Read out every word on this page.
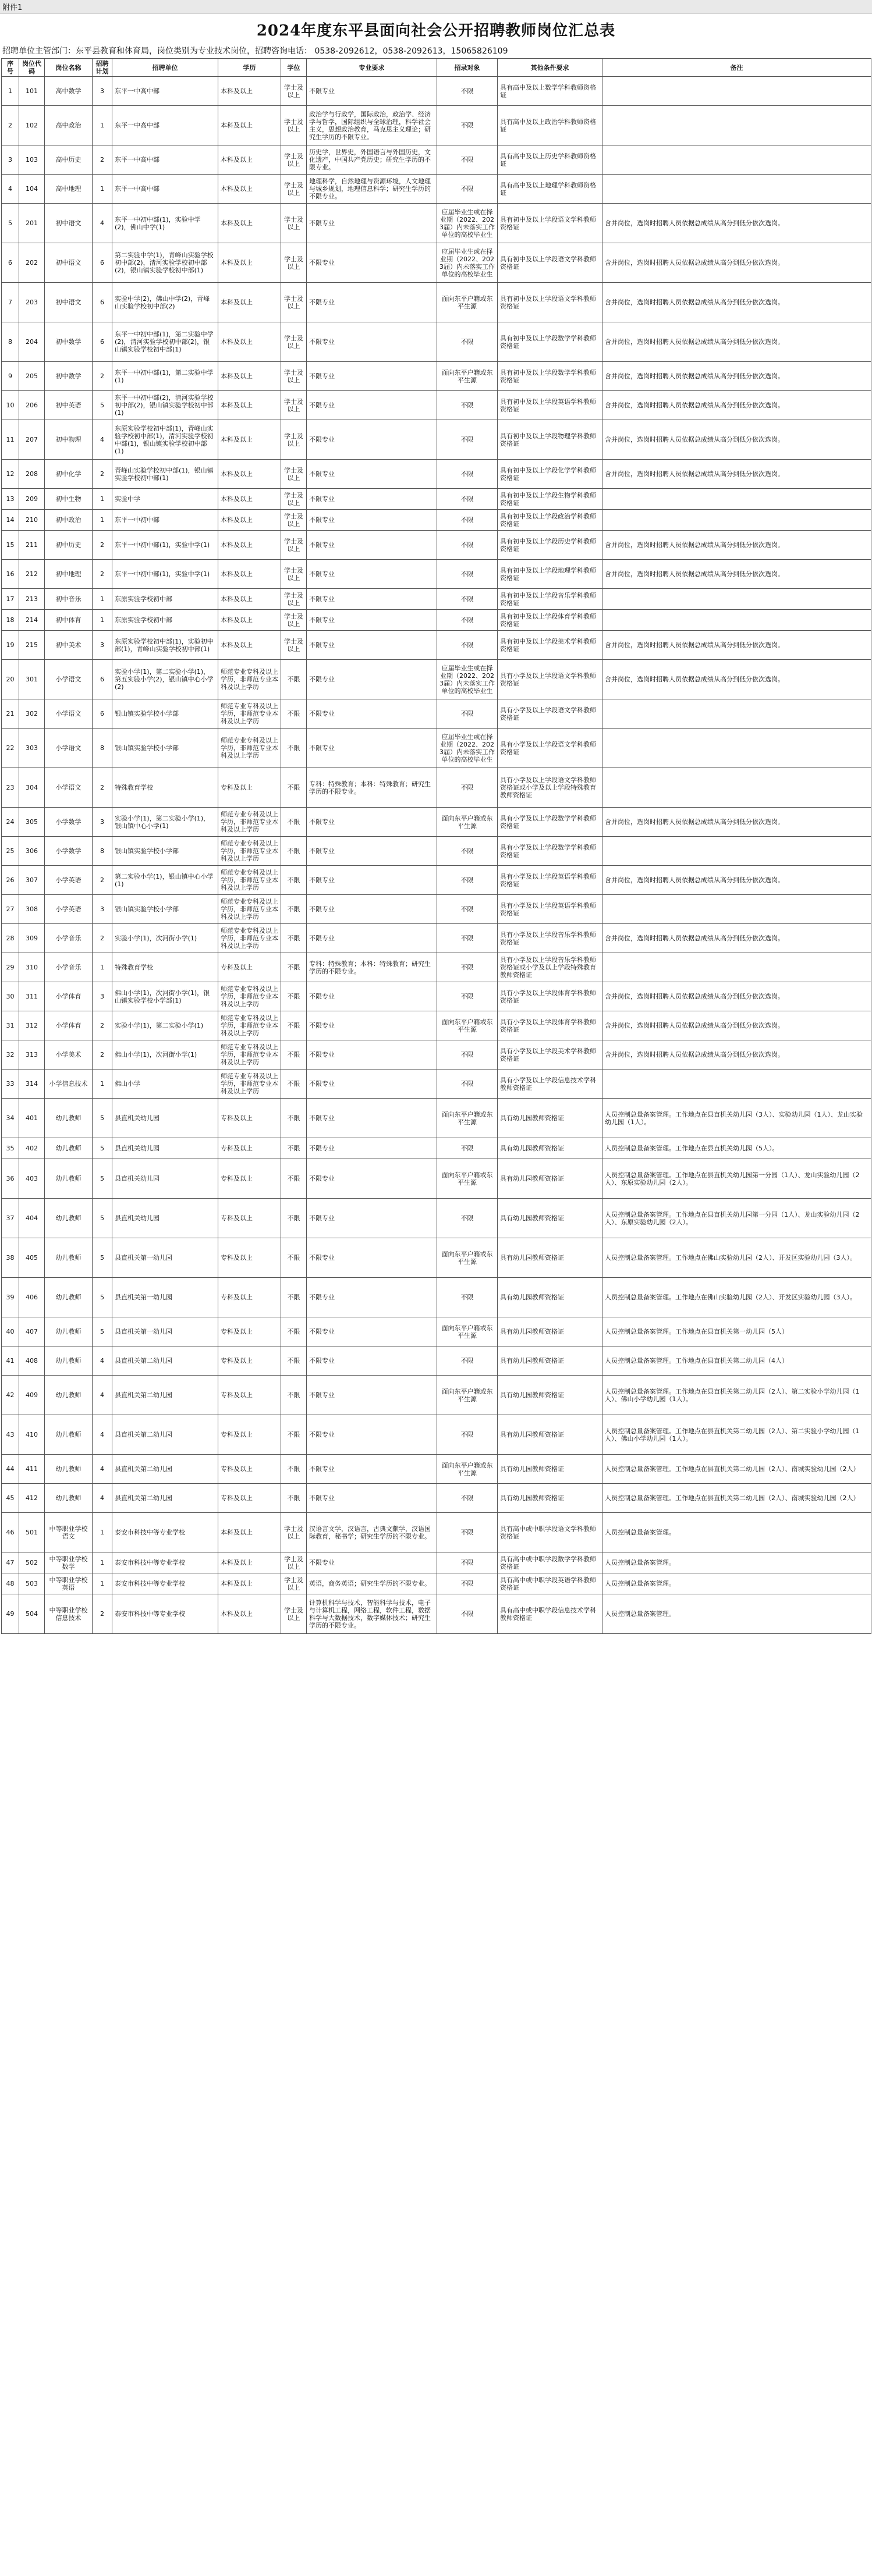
附件1
2024年度东平县面向社会公开招聘教师岗位汇总表
招聘单位主管部门：东平县教育和体育局，岗位类别为专业技术岗位，招聘咨询电话： 0538-2092612，0538-2092613，15065826109
序号	岗位代码	岗位名称	招聘计划	招聘单位	学历	学位	专业要求	招录对象	其他条件要求	备注
1	101	高中数学	3	东平一中高中部	本科及以上	学士及以上	不限专业	不限	具有高中及以上数学学科教师资格证	
2	102	高中政治	1	东平一中高中部	本科及以上	学士及以上	政治学与行政学，国际政治，政治学、经济学与哲学，国际组织与全球治理，科学社会主义，思想政治教育，马克思主义理论；研究生学历的不限专业。	不限	具有高中及以上政治学科教师资格证	
3	103	高中历史	2	东平一中高中部	本科及以上	学士及以上	历史学，世界史，外国语言与外国历史，文化遗产，中国共产党历史；研究生学历的不限专业。	不限	具有高中及以上历史学科教师资格证	
4	104	高中地理	1	东平一中高中部	本科及以上	学士及以上	地理科学，自然地理与资源环境，人文地理与城乡规划，地理信息科学；研究生学历的不限专业。	不限	具有高中及以上地理学科教师资格证	
5	201	初中语文	4	东平一中初中部(1)，实验中学(2)，佛山中学(1)	本科及以上	学士及以上	不限专业	应届毕业生或在择业期（2022、2023届）内未落实工作单位的高校毕业生	具有初中及以上学段语文学科教师资格证	含并岗位，选岗时招聘人员依据总成绩从高分到低分依次选岗。
6	202	初中语文	6	第二实验中学(1)，青峰山实验学校初中部(2)，清河实验学校初中部(2)，银山镇实验学校初中部(1)	本科及以上	学士及以上	不限专业	应届毕业生或在择业期（2022、2023届）内未落实工作单位的高校毕业生	具有初中及以上学段语文学科教师资格证	含并岗位，选岗时招聘人员依据总成绩从高分到低分依次选岗。
7	203	初中语文	6	实验中学(2)，佛山中学(2)，青峰山实验学校初中部(2)	本科及以上	学士及以上	不限专业	面向东平户籍或东平生源	具有初中及以上学段语文学科教师资格证	含并岗位，选岗时招聘人员依据总成绩从高分到低分依次选岗。
8	204	初中数学	6	东平一中初中部(1)，第二实验中学(2)，清河实验学校初中部(2)，银山镇实验学校初中部(1)	本科及以上	学士及以上	不限专业	不限	具有初中及以上学段数学学科教师资格证	含并岗位，选岗时招聘人员依据总成绩从高分到低分依次选岗。
9	205	初中数学	2	东平一中初中部(1)，第二实验中学(1)	本科及以上	学士及以上	不限专业	面向东平户籍或东平生源	具有初中及以上学段数学学科教师资格证	含并岗位，选岗时招聘人员依据总成绩从高分到低分依次选岗。
10	206	初中英语	5	东平一中初中部(2)，清河实验学校初中部(2)，银山镇实验学校初中部(1)	本科及以上	学士及以上	不限专业	不限	具有初中及以上学段英语学科教师资格证	含并岗位，选岗时招聘人员依据总成绩从高分到低分依次选岗。
11	207	初中物理	4	东原实验学校初中部(1)，青峰山实验学校初中部(1)，清河实验学校初中部(1)，银山镇实验学校初中部(1)	本科及以上	学士及以上	不限专业	不限	具有初中及以上学段物理学科教师资格证	含并岗位，选岗时招聘人员依据总成绩从高分到低分依次选岗。
12	208	初中化学	2	青峰山实验学校初中部(1)，银山镇实验学校初中部(1)	本科及以上	学士及以上	不限专业	不限	具有初中及以上学段化学学科教师资格证	含并岗位，选岗时招聘人员依据总成绩从高分到低分依次选岗。
13	209	初中生物	1	实验中学	本科及以上	学士及以上	不限专业	不限	具有初中及以上学段生物学科教师资格证	
14	210	初中政治	1	东平一中初中部	本科及以上	学士及以上	不限专业	不限	具有初中及以上学段政治学科教师资格证	
15	211	初中历史	2	东平一中初中部(1)，实验中学(1)	本科及以上	学士及以上	不限专业	不限	具有初中及以上学段历史学科教师资格证	含并岗位，选岗时招聘人员依据总成绩从高分到低分依次选岗。
16	212	初中地理	2	东平一中初中部(1)，实验中学(1)	本科及以上	学士及以上	不限专业	不限	具有初中及以上学段地理学科教师资格证	含并岗位，选岗时招聘人员依据总成绩从高分到低分依次选岗。
17	213	初中音乐	1	东原实验学校初中部	本科及以上	学士及以上	不限专业	不限	具有初中及以上学段音乐学科教师资格证	
18	214	初中体育	1	东原实验学校初中部	本科及以上	学士及以上	不限专业	不限	具有初中及以上学段体育学科教师资格证	
19	215	初中美术	3	东原实验学校初中部(1)，实验初中部(1)，青峰山实验学校初中部(1)	本科及以上	学士及以上	不限专业	不限	具有初中及以上学段美术学科教师资格证	含并岗位，选岗时招聘人员依据总成绩从高分到低分依次选岗。
20	301	小学语文	6	实验小学(1)，第二实验小学(1)，第五实验小学(2)，银山镇中心小学(2)	师范专业专科及以上学历，非师范专业本科及以上学历	不限	不限专业	应届毕业生或在择业期（2022、2023届）内未落实工作单位的高校毕业生	具有小学及以上学段语文学科教师资格证	含并岗位，选岗时招聘人员依据总成绩从高分到低分依次选岗。
21	302	小学语文	6	银山镇实验学校小学部	师范专业专科及以上学历，非师范专业本科及以上学历	不限	不限专业	不限	具有小学及以上学段语文学科教师资格证	
22	303	小学语文	8	银山镇实验学校小学部	师范专业专科及以上学历，非师范专业本科及以上学历	不限	不限专业	应届毕业生或在择业期（2022、2023届）内未落实工作单位的高校毕业生	具有小学及以上学段语文学科教师资格证	
23	304	小学语文	2	特殊教育学校	专科及以上	不限	专科：特殊教育；本科：特殊教育；研究生学历的不限专业。	不限	具有小学及以上学段语文学科教师资格证或小学及以上学段特殊教育教师资格证	
24	305	小学数学	3	实验小学(1)，第二实验小学(1)，银山镇中心小学(1)	师范专业专科及以上学历，非师范专业本科及以上学历	不限	不限专业	面向东平户籍或东平生源	具有小学及以上学段数学学科教师资格证	含并岗位，选岗时招聘人员依据总成绩从高分到低分依次选岗。
25	306	小学数学	8	银山镇实验学校小学部	师范专业专科及以上学历，非师范专业本科及以上学历	不限	不限专业	不限	具有小学及以上学段数学学科教师资格证	
26	307	小学英语	2	第二实验小学(1)，银山镇中心小学(1)	师范专业专科及以上学历，非师范专业本科及以上学历	不限	不限专业	不限	具有小学及以上学段英语学科教师资格证	含并岗位，选岗时招聘人员依据总成绩从高分到低分依次选岗。
27	308	小学英语	3	银山镇实验学校小学部	师范专业专科及以上学历，非师范专业本科及以上学历	不限	不限专业	不限	具有小学及以上学段英语学科教师资格证	
28	309	小学音乐	2	实验小学(1)，次河街小学(1)	师范专业专科及以上学历，非师范专业本科及以上学历	不限	不限专业	不限	具有小学及以上学段音乐学科教师资格证	含并岗位，选岗时招聘人员依据总成绩从高分到低分依次选岗。
29	310	小学音乐	1	特殊教育学校	专科及以上	不限	专科：特殊教育；本科：特殊教育；研究生学历的不限专业。	不限	具有小学及以上学段音乐学科教师资格证或小学及以上学段特殊教育教师资格证	
30	311	小学体育	3	佛山小学(1)，次河街小学(1)，银山镇实验学校小学部(1)	师范专业专科及以上学历，非师范专业本科及以上学历	不限	不限专业	不限	具有小学及以上学段体育学科教师资格证	含并岗位，选岗时招聘人员依据总成绩从高分到低分依次选岗。
31	312	小学体育	2	实验小学(1)，第二实验小学(1)	师范专业专科及以上学历，非师范专业本科及以上学历	不限	不限专业	面向东平户籍或东平生源	具有小学及以上学段体育学科教师资格证	含并岗位，选岗时招聘人员依据总成绩从高分到低分依次选岗。
32	313	小学美术	2	佛山小学(1)，次河街小学(1)	师范专业专科及以上学历，非师范专业本科及以上学历	不限	不限专业	不限	具有小学及以上学段美术学科教师资格证	含并岗位，选岗时招聘人员依据总成绩从高分到低分依次选岗。
33	314	小学信息技术	1	佛山小学	师范专业专科及以上学历，非师范专业本科及以上学历	不限	不限专业	不限	具有小学及以上学段信息技术学科教师资格证	
34	401	幼儿教师	5	县直机关幼儿园	专科及以上	不限	不限专业	面向东平户籍或东平生源	具有幼儿园教师资格证	人员控制总量备案管理。工作地点在县直机关幼儿园（3人）、实验幼儿园（1人）、龙山实验幼儿园（1人）。
35	402	幼儿教师	5	县直机关幼儿园	专科及以上	不限	不限专业	不限	具有幼儿园教师资格证	人员控制总量备案管理。工作地点在县直机关幼儿园（5人）。
36	403	幼儿教师	5	县直机关幼儿园	专科及以上	不限	不限专业	面向东平户籍或东平生源	具有幼儿园教师资格证	人员控制总量备案管理。工作地点在县直机关幼儿园第一分园（1人）、龙山实验幼儿园（2人）、东原实验幼儿园（2人）。
37	404	幼儿教师	5	县直机关幼儿园	专科及以上	不限	不限专业	不限	具有幼儿园教师资格证	人员控制总量备案管理。工作地点在县直机关幼儿园第一分园（1人）、龙山实验幼儿园（2人）、东原实验幼儿园（2人）。
38	405	幼儿教师	5	县直机关第一幼儿园	专科及以上	不限	不限专业	面向东平户籍或东平生源	具有幼儿园教师资格证	人员控制总量备案管理。工作地点在佛山实验幼儿园（2人）、开发区实验幼儿园（3人）。
39	406	幼儿教师	5	县直机关第一幼儿园	专科及以上	不限	不限专业	不限	具有幼儿园教师资格证	人员控制总量备案管理。工作地点在佛山实验幼儿园（2人）、开发区实验幼儿园（3人）。
40	407	幼儿教师	5	县直机关第一幼儿园	专科及以上	不限	不限专业	面向东平户籍或东平生源	具有幼儿园教师资格证	人员控制总量备案管理。工作地点在县直机关第一幼儿园（5人）
41	408	幼儿教师	4	县直机关第二幼儿园	专科及以上	不限	不限专业	不限	具有幼儿园教师资格证	人员控制总量备案管理。工作地点在县直机关第二幼儿园（4人）
42	409	幼儿教师	4	县直机关第二幼儿园	专科及以上	不限	不限专业	面向东平户籍或东平生源	具有幼儿园教师资格证	人员控制总量备案管理。工作地点在县直机关第二幼儿园（2人）、第二实验小学幼儿园（1人）、佛山小学幼儿园（1人）。
43	410	幼儿教师	4	县直机关第二幼儿园	专科及以上	不限	不限专业	不限	具有幼儿园教师资格证	人员控制总量备案管理。工作地点在县直机关第二幼儿园（2人）、第二实验小学幼儿园（1人）、佛山小学幼儿园（1人）。
44	411	幼儿教师	4	县直机关第二幼儿园	专科及以上	不限	不限专业	面向东平户籍或东平生源	具有幼儿园教师资格证	人员控制总量备案管理。工作地点在县直机关第二幼儿园（2人）、南城实验幼儿园（2人）
45	412	幼儿教师	4	县直机关第二幼儿园	专科及以上	不限	不限专业	不限	具有幼儿园教师资格证	人员控制总量备案管理。工作地点在县直机关第二幼儿园（2人）、南城实验幼儿园（2人）
46	501	中等职业学校语文	1	泰安市科技中等专业学校	本科及以上	学士及以上	汉语言文学，汉语言，古典文献学，汉语国际教育，秘书学；研究生学历的不限专业。	不限	具有高中或中职学段语文学科教师资格证	人员控制总量备案管理。
47	502	中等职业学校数学	1	泰安市科技中等专业学校	本科及以上	学士及以上	不限专业	不限	具有高中或中职学段数学学科教师资格证	人员控制总量备案管理。
48	503	中等职业学校英语	1	泰安市科技中等专业学校	本科及以上	学士及以上	英语，商务英语；研究生学历的不限专业。	不限	具有高中或中职学段英语学科教师资格证	人员控制总量备案管理。
49	504	中等职业学校信息技术	2	泰安市科技中等专业学校	本科及以上	学士及以上	计算机科学与技术，智能科学与技术，电子与计算机工程，网络工程，软件工程，数据科学与大数据技术，数字媒体技术；研究生学历的不限专业。	不限	具有高中或中职学段信息技术学科教师资格证	人员控制总量备案管理。
